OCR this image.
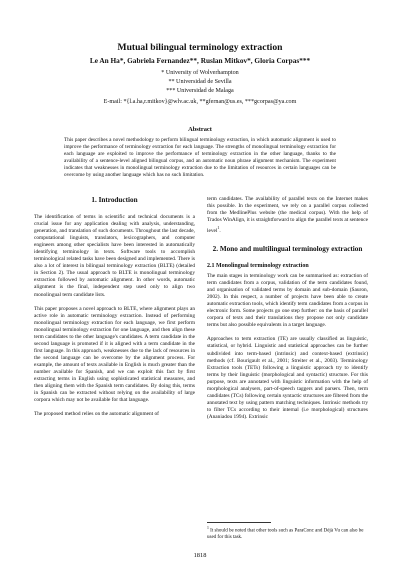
Mutual bilingual terminology extraction
Le An Ha*, Gabriela Fernandez**, Ruslan Mitkov*, Gloria Corpas***
* University of Wolverhampton
** Universidad de Sevilla
*** Universidad de Malaga
E-mail: *{l.a.ha,r.mitkov}@wlv.ac.uk, **gfernan@us.es, ***gcorpas@ya.com
Abstract
This paper describes a novel methodology to perform bilingual terminology extraction, in which automatic alignment is used to improve the performance of terminology extraction for each language. The strengths of monolingual terminology extraction for each language are exploited to improve the performance of terminology extraction in the other language, thanks to the availability of a sentence-level aligned bilingual corpus, and an automatic noun phrase alignment mechanism. The experiment indicates that weaknesses in monolingual terminology extraction due to the limitation of resources in certain languages can be overcome by using another language which has no such limitation.
1. Introduction

The identification of terms in scientific and technical documents is a crucial issue for any application dealing with analysis, understanding, generation, and translation of such documents. Throughout the last decade, computational linguists, translators, lexicographers, and computer engineers among other specialists have been interested in automatically identifying terminology in texts. Software tools to accomplish terminological related tasks have been designed and implemented. There is also a lot of interest in bilingual terminology extraction (BLTE) (detailed in Section 2). The usual approach to BLTE is monolingual terminology extraction followed by automatic alignment. In other words, automatic alignment is the final, independent step used only to align two monolingual term candidate lists.

This paper proposes a novel approach to BLTE, where alignment plays an active role in automatic terminology extraction. Instead of performing monolingual terminology extraction for each language, we first perform monolingual terminology extraction for one language, and then align these term candidates to the other language's candidates. A term candidate in the second language is promoted if it is aligned with a term candidate in the first language. In this approach, weaknesses due to the lack of resources in the second language can be overcome by the alignment process. For example, the amount of texts available in English is much greater than the number available for Spanish, and we can exploit this fact by first extracting terms in English using sophisticated statistical measures, and then aligning them with the Spanish term candidates. By doing this, terms in Spanish can be extracted without relying on the availability of large corpora which may not be available for that language.

The proposed method relies on the automatic alignment of

term candidates. The availability of parallel texts on the Internet makes this possible. In the experiment, we rely on a parallel corpus collected from the MedlinePlus website (the medical corpus). With the help of Trados WinAlign, it is straightforward to align the parallel texts at sentence level$^1$.

2. Mono and multilingual terminology extraction
2.1 Monolingual terminology extraction

The main stages in terminology work can be summarised as: extraction of term candidates from a corpus, validation of the term candidates found, and organisation of validated terms by domain and sub-domain (Sauron, 2002). In this respect, a number of projects have been able to create automatic extraction tools, which identify term candidates from a corpus in electronic form. Some projects go one step further: on the basis of parallel corpora of texts and their translations they propose not only candidate terms but also possible equivalents in a target language.

Approaches to term extraction (TE) are usually classified as linguistic, statistical, or hybrid. Linguistic and statistical approaches can be further subdivided into term-based (intrinsic) and context-based (extrinsic) methods (cf. Bourigault et al., 2001; Streiter et al., 2003). Terminology Extraction tools (TETs) following a linguistic approach try to identify terms by their linguistic (morphological and syntactic) structure. For this purpose, texts are annotated with linguistic information with the help of morphological analysers, part-of-speech taggers and parsers. Then, term candidates (TCs) following certain syntactic structures are filtered from the annotated text by using pattern matching techniques. Intrinsic methods try to filter TCs according to their internal (i.e morphological) structures (Ananiadou 1994). Extrinsic

$^1$ It should be noted that other tools such as ParaConc and Déjà Vu can also be used for this task.
1818
